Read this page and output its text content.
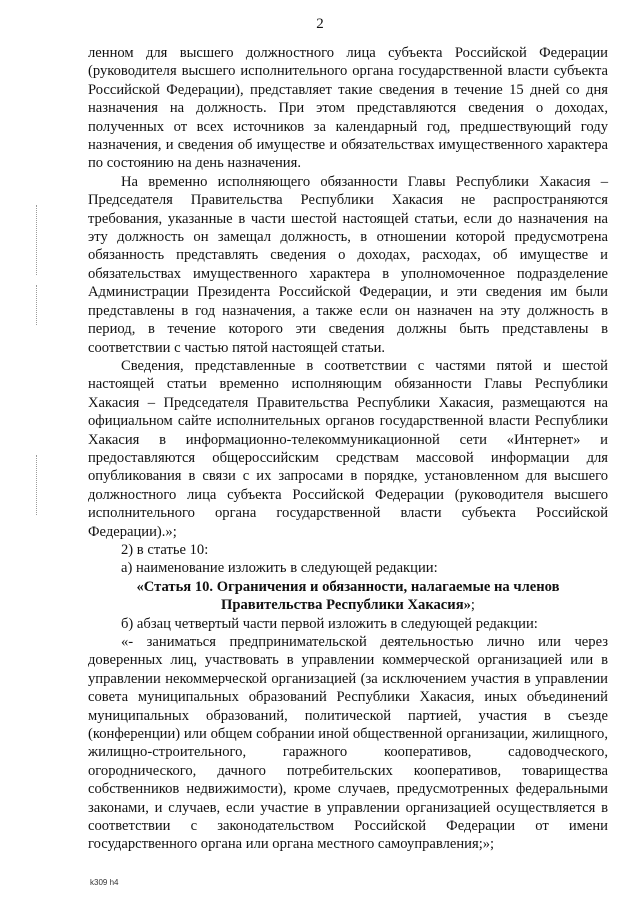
2

ленном для высшего должностного лица субъекта Российской Федерации (руководителя высшего исполнительного органа государственной власти субъекта Российской Федерации), представляет такие сведения в течение 15 дней со дня назначения на должность. При этом представляются сведения о доходах, полученных от всех источников за календарный год, предшествующий году назначения, и сведения об имуществе и обязательствах имущественного характера по состоянию на день назначения.

На временно исполняющего обязанности Главы Республики Хакасия – Председателя Правительства Республики Хакасия не распространяются требования, указанные в части шестой настоящей статьи, если до назначения на эту должность он замещал должность, в отношении которой предусмотрена обязанность представлять сведения о доходах, расходах, об имуществе и обязательствах имущественного характера в уполномоченное подразделение Администрации Президента Российской Федерации, и эти сведения им были представлены в год назначения, а также если он назначен на эту должность в период, в течение которого эти сведения должны быть представлены в соответствии с частью пятой настоящей статьи.

Сведения, представленные в соответствии с частями пятой и шестой настоящей статьи временно исполняющим обязанности Главы Республики Хакасия – Председателя Правительства Республики Хакасия, размещаются на официальном сайте исполнительных органов государственной власти Республики Хакасия в информационно-телекоммуникационной сети «Интернет» и предоставляются общероссийским средствам массовой информации для опубликования в связи с их запросами в порядке, установленном для высшего должностного лица субъекта Российской Федерации (руководителя высшего исполнительного органа государственной власти субъекта Российской Федерации).»;

2) в статье 10:

а) наименование изложить в следующей редакции:

«Статья 10. Ограничения и обязанности, налагаемые на членов
Правительства Республики Хакасия»;

б) абзац четвертый части первой изложить в следующей редакции:

«- заниматься предпринимательской деятельностью лично или через доверенных лиц, участвовать в управлении коммерческой организацией или в управлении некоммерческой организацией (за исключением участия в управлении совета муниципальных образований Республики Хакасия, иных объединений муниципальных образований, политической партией, участия в съезде (конференции) или общем собрании иной общественной организации, жилищного, жилищно-строительного, гаражного кооперативов, садоводческого, огороднического, дачного потребительских кооперативов, товарищества собственников недвижимости), кроме случаев, предусмотренных федеральными законами, и случаев, если участие в управлении организацией осуществляется в соответствии с законодательством Российской Федерации от имени государственного органа или органа местного самоуправления;»;

k309 h4
